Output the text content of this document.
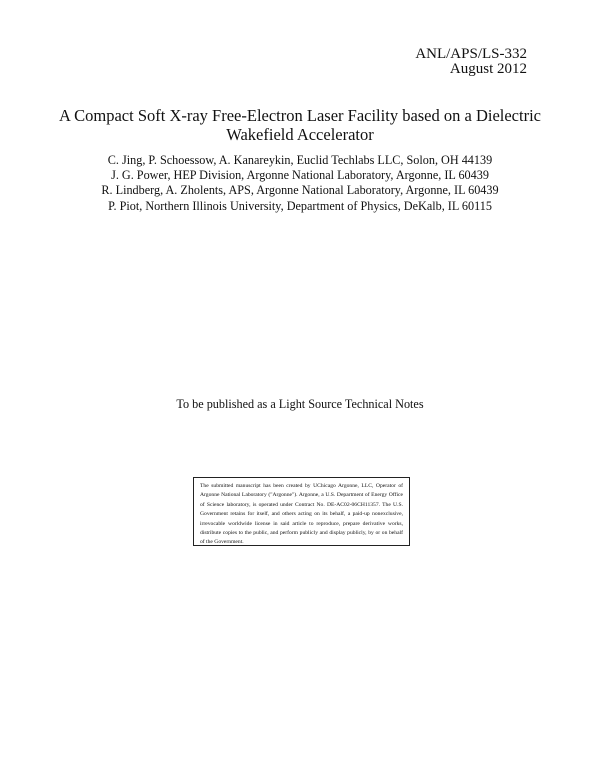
ANL/APS/LS-332
August 2012
A Compact Soft X-ray Free-Electron Laser Facility based on a Dielectric
Wakefield Accelerator
C. Jing, P. Schoessow, A. Kanareykin, Euclid Techlabs LLC, Solon, OH 44139
J. G. Power, HEP Division, Argonne National Laboratory, Argonne, IL 60439
R. Lindberg, A. Zholents, APS, Argonne National Laboratory, Argonne, IL 60439
P. Piot, Northern Illinois University, Department of Physics, DeKalb, IL 60115
To be published as a Light Source Technical Notes
The submitted manuscript has been created by UChicago Argonne, LLC, Operator of Argonne National Laboratory ("Argonne"). Argonne, a U.S. Department of Energy Office of Science laboratory, is operated under Contract No. DE-AC02-06CH11357. The U.S. Government retains for itself, and others acting on its behalf, a paid-up nonexclusive, irrevocable worldwide license in said article to reproduce, prepare derivative works, distribute copies to the public, and perform publicly and display publicly, by or on behalf of the Government.
